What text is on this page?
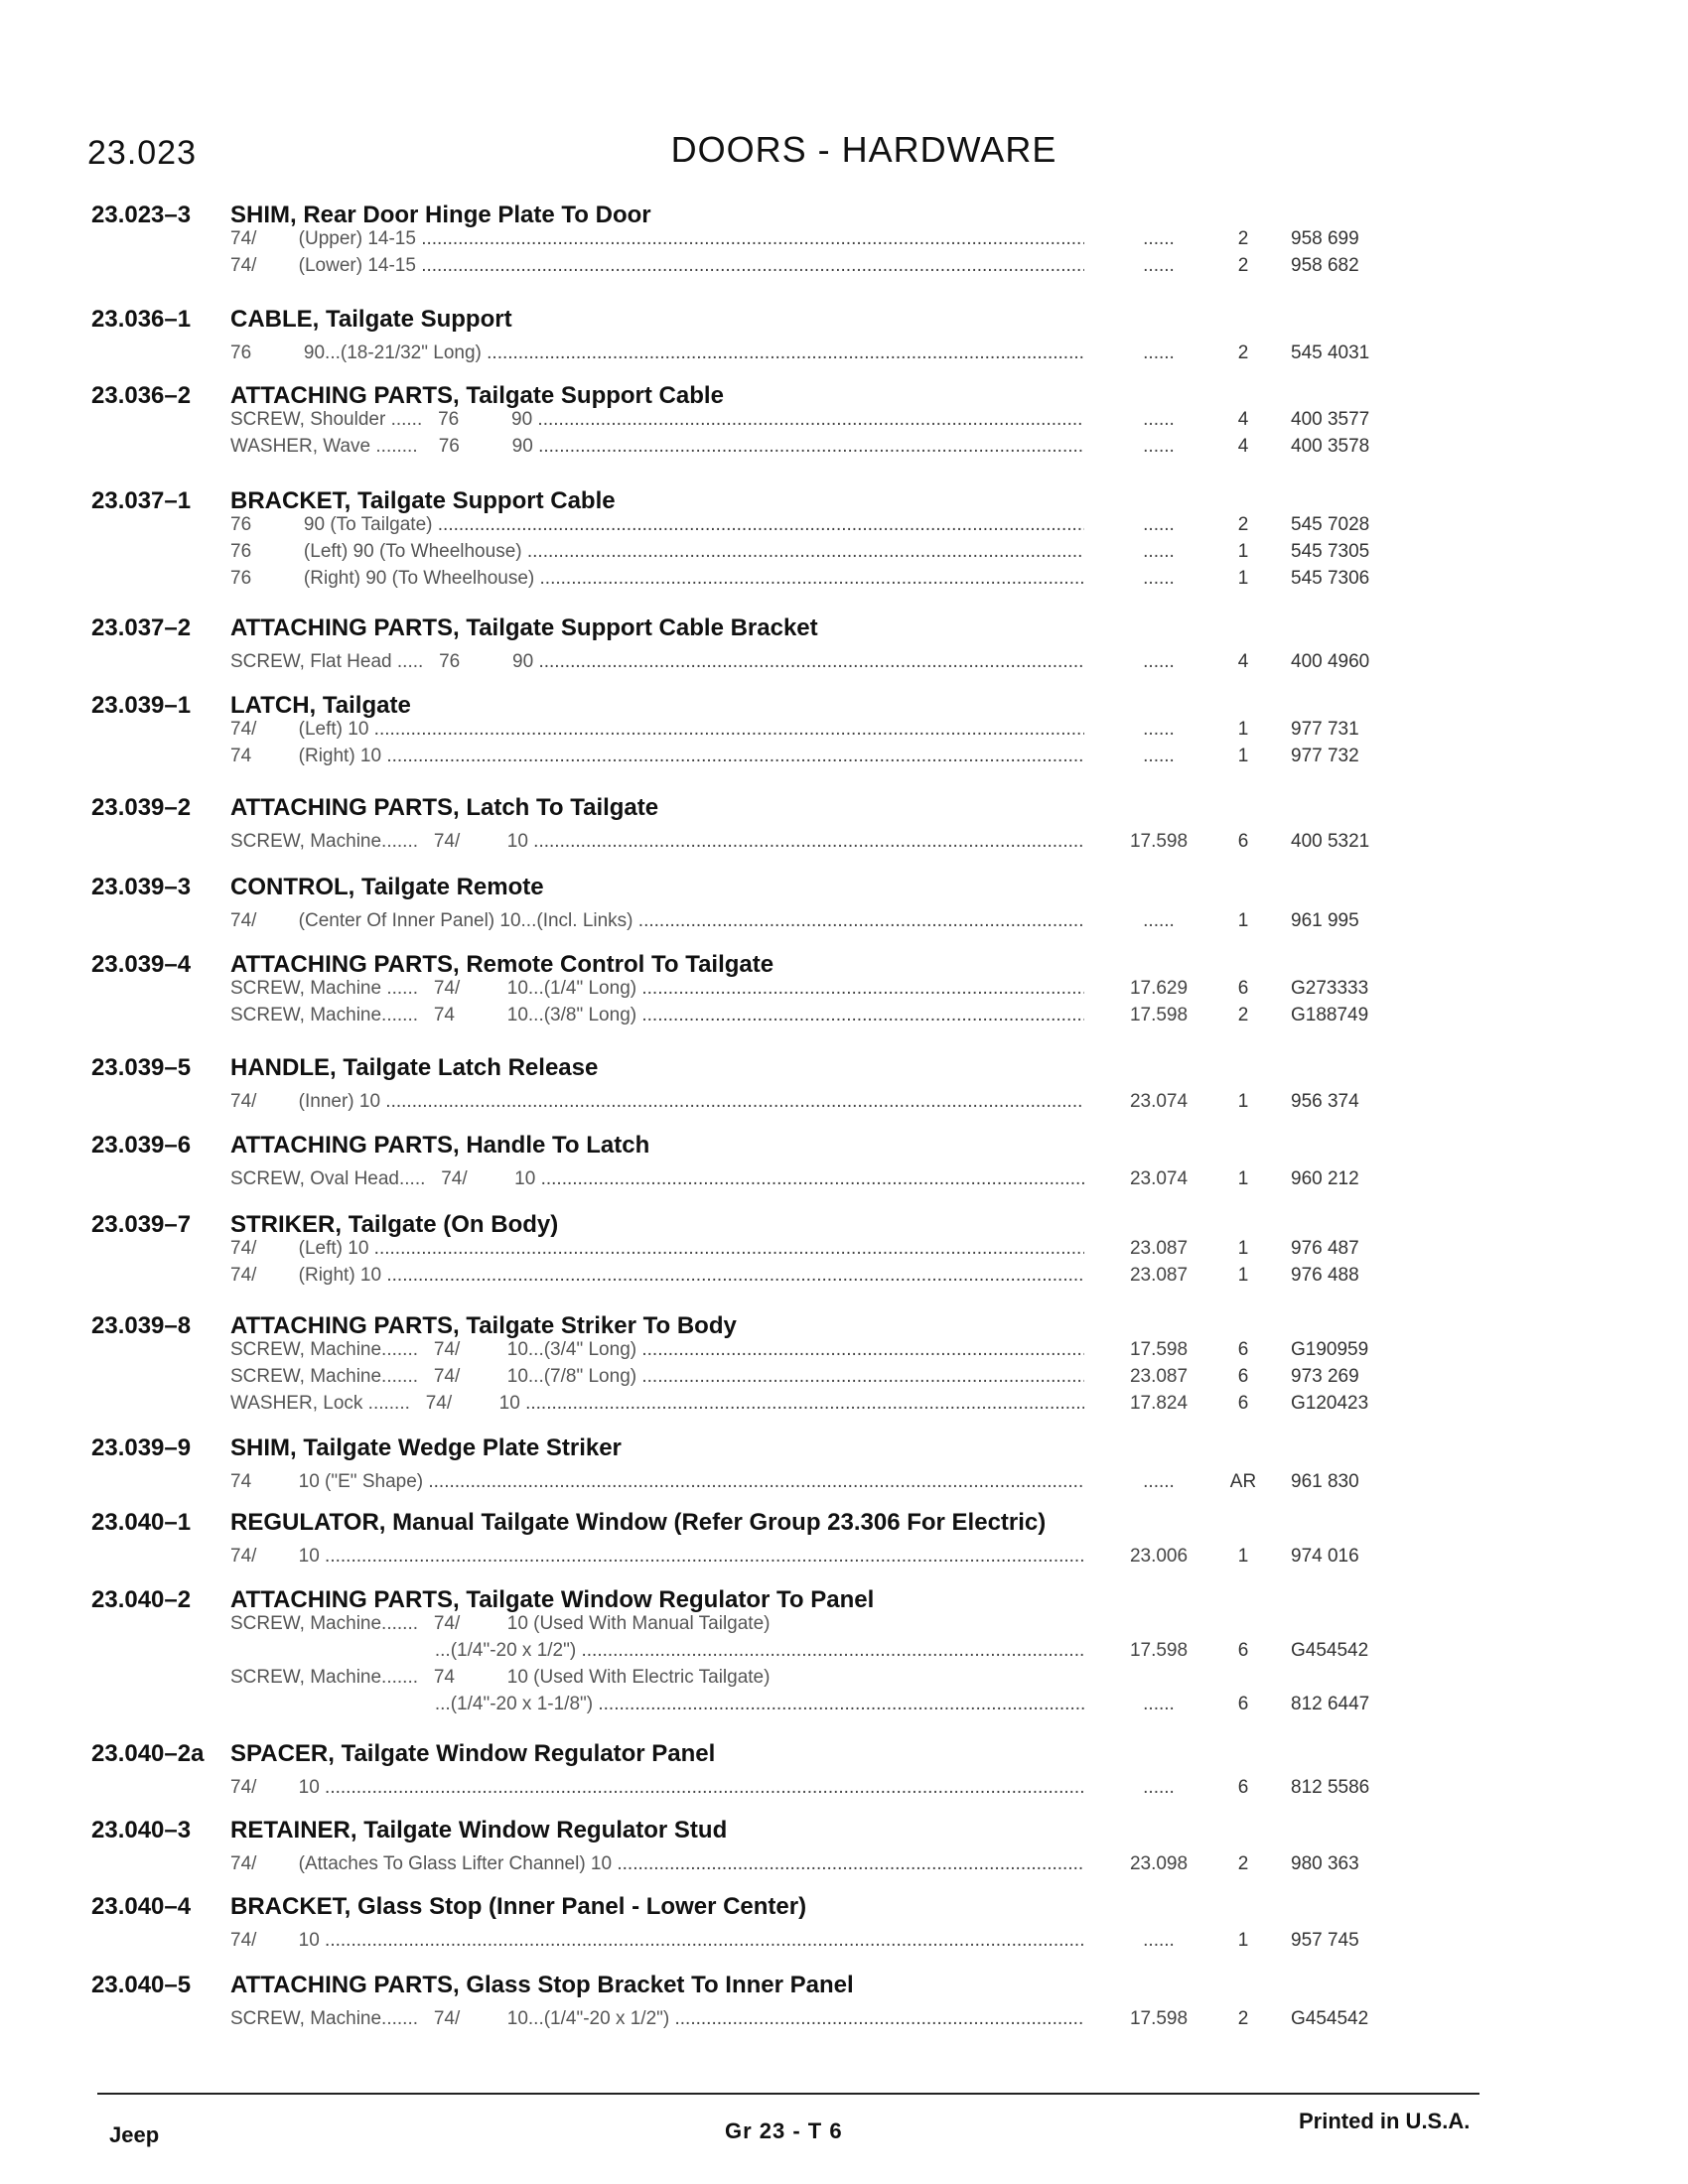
23.023	DOORS - HARDWARE
23.023–3 SHIM, Rear Door Hinge Plate To Door
74/        (Upper) 14-15 .....	......	2	958 699
74/        (Lower) 14-15 .....	......	2	958 682
23.036–1 CABLE, Tailgate Support
76          90...(18-21/32" Long) .....	......	2	545 4031
23.036–2 ATTACHING PARTS, Tailgate Support Cable
SCREW, Shoulder ......   76          90 .....	......	4	400 3577
WASHER, Wave ........    76          90 .....	......	4	400 3578
23.037–1 BRACKET, Tailgate Support Cable
76          90 (To Tailgate) .....	......	2	545 7028
76          (Left) 90 (To Wheelhouse) .....	......	1	545 7305
76          (Right) 90 (To Wheelhouse) .....	......	1	545 7306
23.037–2 ATTACHING PARTS, Tailgate Support Cable Bracket
SCREW, Flat Head .....   76          90 .....	......	4	400 4960
23.039–1 LATCH, Tailgate
74/        (Left) 10 .....	......	1	977 731
74         (Right) 10 .....	......	1	977 732
23.039–2 ATTACHING PARTS, Latch To Tailgate
SCREW, Machine.......   74/         10 .....	17.598	6	400 5321
23.039–3 CONTROL, Tailgate Remote
74/        (Center Of Inner Panel) 10...(Incl. Links) .....	......	1	961 995
23.039–4 ATTACHING PARTS, Remote Control To Tailgate
SCREW, Machine ......   74/         10...(1/4" Long) .....	17.629	6	G273333
SCREW, Machine.......   74          10...(3/8" Long) .....	17.598	2	G188749
23.039–5 HANDLE, Tailgate Latch Release
74/        (Inner) 10 .....	23.074	1	956 374
23.039–6 ATTACHING PARTS, Handle To Latch
SCREW, Oval Head.....   74/         10 .....	23.074	1	960 212
23.039–7 STRIKER, Tailgate (On Body)
74/        (Left) 10 .....	23.087	1	976 487
74/        (Right) 10 .....	23.087	1	976 488
23.039–8 ATTACHING PARTS, Tailgate Striker To Body
SCREW, Machine.......   74/         10...(3/4" Long) .....	17.598	6	G190959
SCREW, Machine.......   74/         10...(7/8" Long) .....	23.087	6	973 269
WASHER, Lock ........   74/         10 .....	17.824	6	G120423
23.039–9 SHIM, Tailgate Wedge Plate Striker
74         10 ("E" Shape) .....	......	AR	961 830
23.040–1 REGULATOR, Manual Tailgate Window (Refer Group 23.306 For Electric)
74/        10 .....	23.006	1	974 016
23.040–2 ATTACHING PARTS, Tailgate Window Regulator To Panel
SCREW, Machine.......   74/         10 (Used With Manual Tailgate)
...(1/4"-20 x 1/2") .....	17.598	6	G454542
SCREW, Machine.......   74          10 (Used With Electric Tailgate)
...(1/4"-20 x 1-1/8") .....	......	6	812 6447
23.040–2a SPACER, Tailgate Window Regulator Panel
74/        10 .....	......	6	812 5586
23.040–3 RETAINER, Tailgate Window Regulator Stud
74/        (Attaches To Glass Lifter Channel) 10 .....	23.098	2	980 363
23.040–4 BRACKET, Glass Stop (Inner Panel - Lower Center)
74/        10 .....	......	1	957 745
23.040–5 ATTACHING PARTS, Glass Stop Bracket To Inner Panel
SCREW, Machine.......   74/         10...(1/4"-20 x 1/2") .....	17.598	2	G454542
Jeep	Gr 23 - T 6	Printed in U.S.A.
